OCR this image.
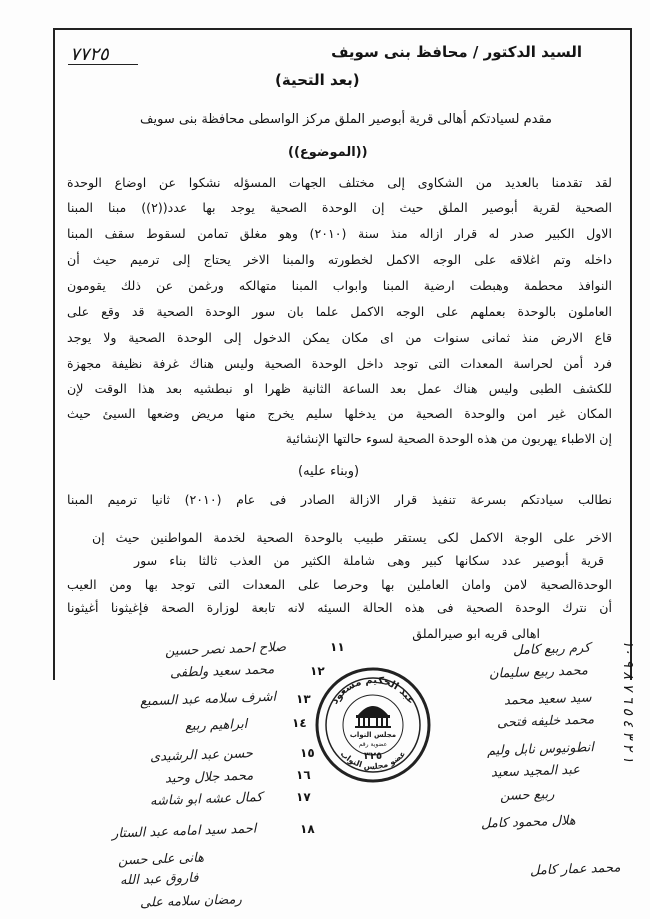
٧٧٢٥	السيد الدكتور / محافظ بنى سويف
(بعد التحية)
مقدم لسيادتكم أهالى قرية أبوصير الملق مركز الواسطى محافظة بنى سويف
((الموضوع))
لقد تقدمنا بالعديد من الشكاوى إلى مختلف الجهات المسؤله نشكوا عن اوضاع الوحدة
الصحية لقرية أبوصير الملق حيث إن الوحدة الصحية يوجد بها عدد((٢)) مبنا المبنا
الاول الكبير صدر له قرار ازاله منذ سنة (٢٠١٠) وهو مغلق تمامن لسقوط سقف المبنا
داخله وتم اغلاقه على الوجه الاكمل لخطورته والمبنا الاخر يحتاج إلى ترميم حيث أن
النوافذ محطمة وهبطت ارضية المبنا وابواب المبنا متهالكه ورغمن عن ذلك يقومون
العاملون بالوحدة بعملهم على الوجه الاكمل علما بان سور الوحدة الصحية قد وقع على
قاع الارض منذ ثمانى سنوات من اى مكان يمكن الدخول إلى الوحدة الصحية ولا يوجد
فرد أمن لحراسة المعدات التى توجد داخل الوحدة الصحية وليس هناك غرفة نظيفة مجهزة
للكشف الطبى وليس هناك عمل بعد الساعة الثانية ظهرا او نبطشيه بعد هذا الوقت لإن
المكان غير امن والوحدة الصحية من يدخلها سليم يخرج منها مريض وضعها السيئ حيث
إن الاطباء يهربون من هذه الوحدة الصحية لسوء حالتها الإنشائية
(وبناء عليه)
نطالب سيادتكم بسرعة تنفيذ قرار الازالة الصادر فى عام (٢٠١٠) ثانيا ترميم المبنا
الاخر على الوجة الاكمل لكى يستقر طبيب بالوحدة الصحية لخدمة المواطنين حيث إن
قرية أبوصير عدد سكانها كبير وهى شاملة الكثير من العذب ثالثا بناء سور
الوحدةالصحية لامن وامان العاملين بها وحرصا على المعدات التى توجد بها ومن العيب
أن نترك الوحدة الصحية فى هذه الحالة السيئه لانه تابعة لوزارة الصحة فإغيثونا أغيثونا
اهالى قريه ابو صيرالملق
١ ٢ ٣ ٤ ٥ ٦ ٧ ٨ ٩ ١٠
كرم ربيع كامل
محمد ربيع سليمان
سيد سعيد محمد
محمد خليفه فتحى
انطونيوس نابل وليم
عبد المجيد سعيد
ربيع حسن
هلال محمود كامل
١١
صلاح احمد نصر حسين
١٢
محمد سعيد ولطفى
١٣
اشرف سلامه عبد السميع
١٤
ابراهيم ربيع
١٥
حسن عبد الرشيدى
١٦
محمد جلال وحيد
١٧
كمال عشه ابو شاشه
١٨
احمد سيد امامه عبد الستار
هانى على حسن
فاروق عبد الله
رمضان سلامه على
محمد عمار كامل
عبد الحكيم مسعود
عضو مجلس النواب
مجلس النواب
عضوية رقم
٣٢٥
